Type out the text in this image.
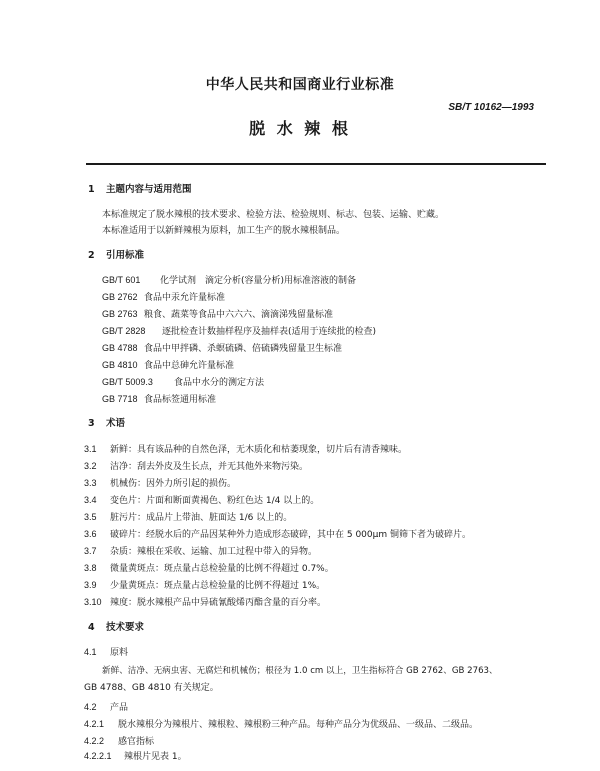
中华人民共和国商业行业标准
SB/T 10162—1993
脱 水 辣 根
1 主题内容与适用范围
本标准规定了脱水辣根的技术要求、检验方法、检验规则、标志、包装、运输、贮藏。
本标准适用于以新鲜辣根为原料，加工生产的脱水辣根制品。
2 引用标准
GB/T 601 化学试剂　滴定分析(容量分析)用标准溶液的制备
GB 2762 食品中汞允许量标准
GB 2763 粮食、蔬菜等食品中六六六、滴滴涕残留量标准
GB/T 2828 逐批检查计数抽样程序及抽样表(适用于连续批的检查)
GB 4788 食品中甲拌磷、杀螟硫磷、倍硫磷残留量卫生标准
GB 4810 食品中总砷允许量标准
GB/T 5009.3 食品中水分的测定方法
GB 7718 食品标签通用标准
3 术语
3.1 新鲜：具有该品种的自然色泽，无木质化和枯萎现象，切片后有清香辣味。
3.2 洁净：刮去外皮及生长点，并无其他外来物污染。
3.3 机械伤：因外力所引起的损伤。
3.4 变色片：片面和断面黄褐色、粉红色达 1/4 以上的。
3.5 脏污片：成品片上带油、脏面达 1/6 以上的。
3.6 破碎片：经脱水后的产品因某种外力造成形态破碎，其中在 5 000μm 铜筛下者为破碎片。
3.7 杂质：辣根在采收、运输、加工过程中带入的异物。
3.8 微量黄斑点：斑点量占总检验量的比例不得超过 0.7%。
3.9 少量黄斑点：斑点量占总检验量的比例不得超过 1%。
3.10 辣度：脱水辣根产品中异硫氰酸烯丙酯含量的百分率。
4 技术要求
4.1 原料
新鲜、洁净、无病虫害、无腐烂和机械伤；根径为 1.0 cm 以上，卫生指标符合 GB 2762、GB 2763、
GB 4788、GB 4810 有关规定。
4.2 产品
4.2.1 脱水辣根分为辣根片、辣根粒、辣根粉三种产品。每种产品分为优级品、一级品、二级品。
4.2.2 感官指标
4.2.2.1 辣根片见表 1。
